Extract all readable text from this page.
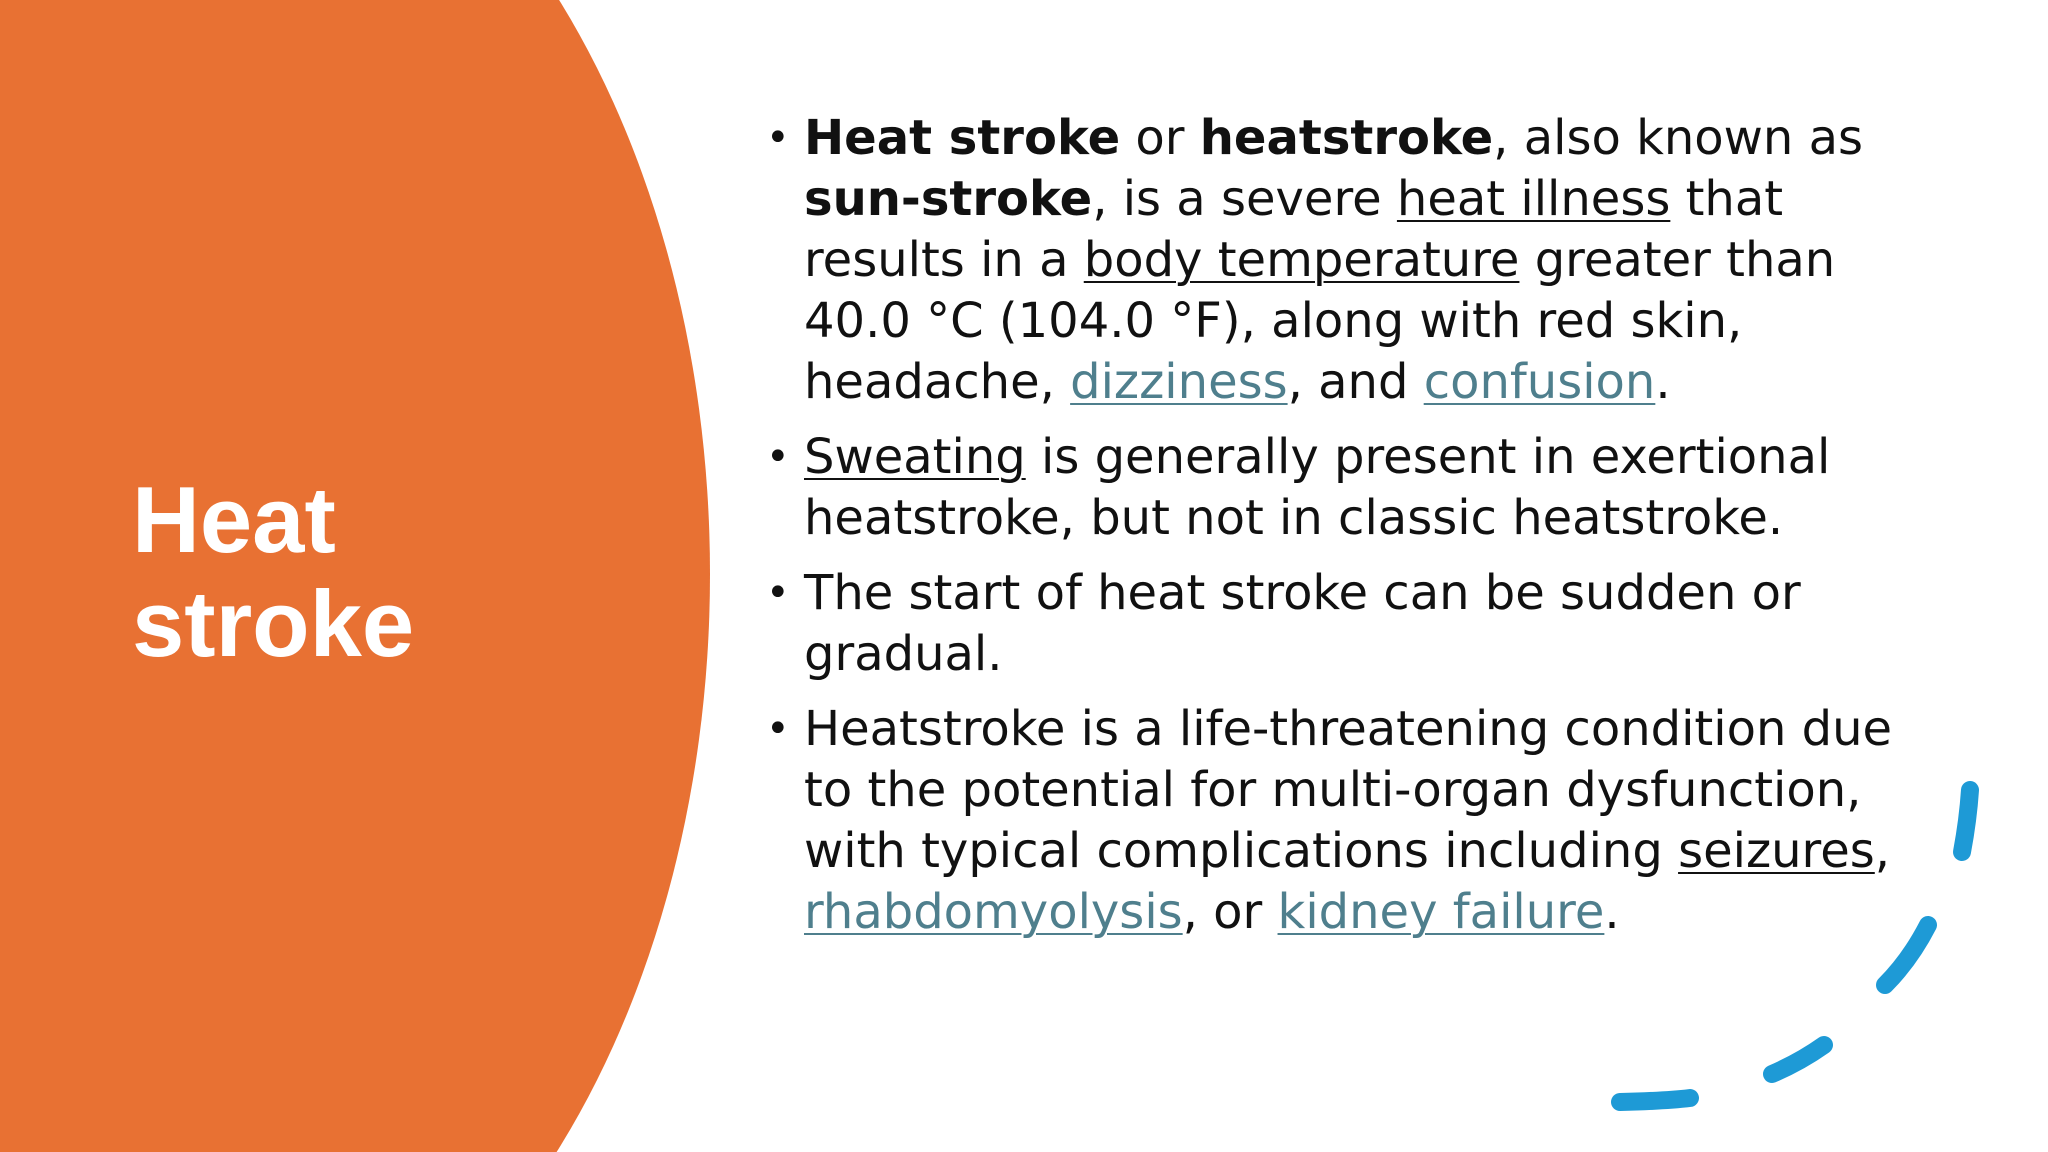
Heat
stroke
• Heat stroke or heatstroke, also known as sun-stroke, is a severe heat illness that results in a body temperature greater than 40.0 °C (104.0 °F), along with red skin, headache, dizziness, and confusion.
• Sweating is generally present in exertional heatstroke, but not in classic heatstroke.
• The start of heat stroke can be sudden or gradual.
• Heatstroke is a life-threatening condition due to the potential for multi-organ dysfunction, with typical complications including seizures, rhabdomyolysis, or kidney failure.
